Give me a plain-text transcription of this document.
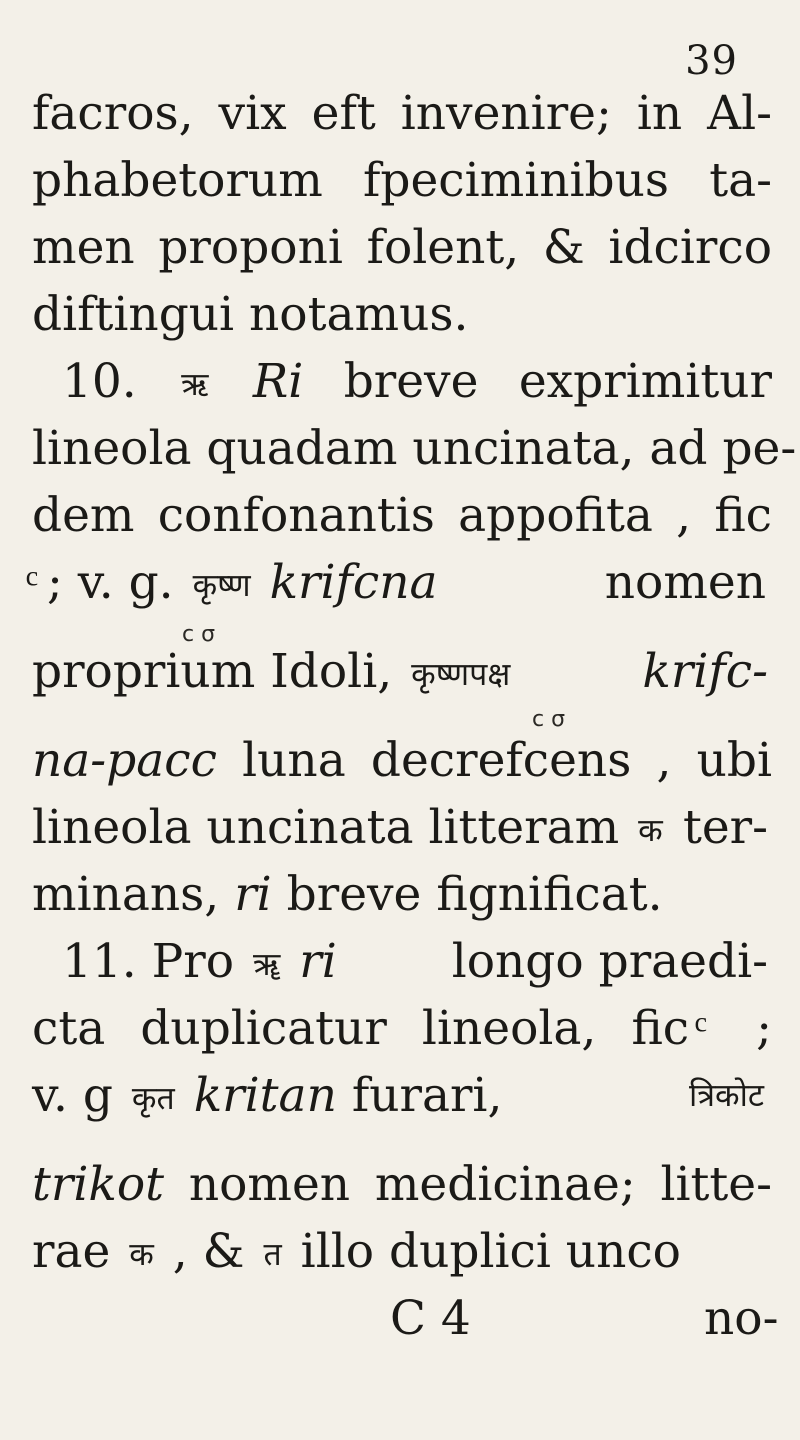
39
facros, vix eft invenire; in Al-
phabetorum fpeciminibus ta-
men proponi folent, & idcirco
diftingui notamus.
10. ऋ Ri breve exprimitur
lineola quadam uncinata, ad pe-
dem confonantis appofita , fic
; v. g. कृष्ण krifcna	nomen
c σ
proprium Idoli, कृष्णपक्ष	krifc-
c σ
na-pacc luna decrefcens , ubi
lineola uncinata litteram क ter-
minans, ri breve fignificat.
11. Pro ॠ ri longo praedi-
cta duplicatur lineola, fic ͨ ;
v. g कृत kritan furari,	त्रिकोट
trikot nomen medicinae; litte-
rae क , & त illo duplici unco
C 4	no-
